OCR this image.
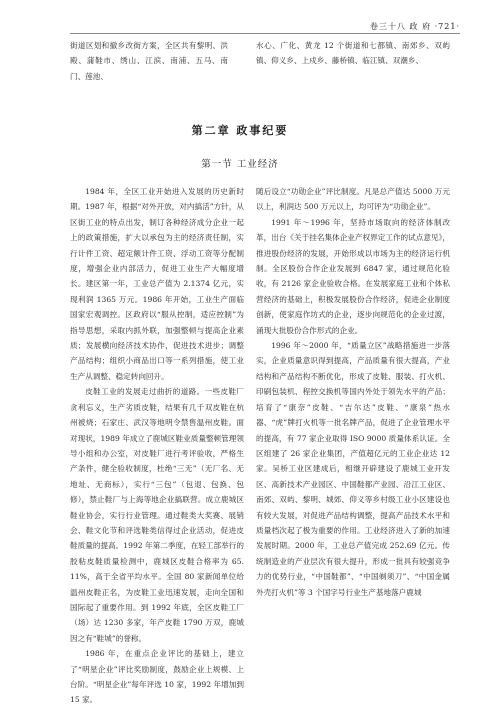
卷三十八 政 府 ·721·

街道区划和撤乡改街方案，全区共有黎明、洪殿、蒲鞋市、绣山、江滨、南浦、五马、南门、莲池、

水心、广化、黄龙 12 个街道和七都镇、南郊乡、双屿镇、仰义乡、上戍乡、藤桥镇、临江镇、双潮乡、

第二章 政事纪要
第一节 工业经济

1984 年，全区工业开始进入发展的历史新时期。1987 年，根据“对外开放，对内搞活”方针，从区街工业的特点出发，制订各种经济成分企业一起上的政策措施，扩大以承包为主的经济责任制，实行计件工资、超定额计件工资、浮动工资等分配制度，增强企业内部活力，促进工业生产大幅度增长。建区第一年，工业总产值为 2.1374 亿元，实现利润 1365 万元。1986 年开始，工业生产面临国家宏观调控。区政府以“服从控制，适应控制”为指导思想，采取内抓外联，加强整顿与提高企业素质；发展横向经济技术协作，促进技术进步；调整产品结构；组织小商品出口等一系列措施，使工业生产从调整、稳定转向回升。

皮鞋工业的发展走过曲折的道路。一些皮鞋厂贪利忘义，生产劣质皮鞋，结果有几千双皮鞋在杭州被烧；石家庄、武汉等地明令禁售温州皮鞋。面对现状，1989 年成立了鹿城区鞋业质量整顿管理领导小组和办公室，对皮鞋厂进行考评验收，严格生产条件，健全验收制度，杜绝“三无”（无厂名、无地址、无商标），实行“三包”（包退、包换、包修），禁止鞋厂与上海等地企业搞联营。成立鹿城区鞋业协会，实行行业管理。通过鞋类大奖赛、展销会、鞋文化节和评选鞋类信得过企业活动，促进皮鞋质量的提高。1992 年第二季度，在轻工部举行的胶粘皮鞋质量检测中，鹿城区皮鞋合格率为 65. 11%，高于全省平均水平。全国 80 家新闻单位给温州皮鞋正名，为皮鞋工业迅速发展，走向全国和国际起了重要作用。到 1992 年底，全区皮鞋工厂（场）达 1230 多家，年产皮鞋 1790 万双，鹿城因之有“鞋城”的誉称。

1986 年，在重点企业评比的基础上，建立了“明星企业”评比奖励制度，鼓励企业上规模、上台阶。“明星企业”每年评选 10 家，1992 年增加到 15 家。

随后设立“功勋企业”评比制度。凡是总产值达 5000 万元以上，利润达 500 万元以上，均可评为“功勋企业”。

1991 年～1996 年，坚持市场取向的经济体制改革，出台《关于挂名集体企业产权界定工作的试点意见》，推进股份经济的发展，开始形成以市场为主的经济运行机制。全区股份合作企业发展到 6847 家，通过规范化验收，有 2126 家企业验收合格。在发展家庭工业和个体私营经济的基础上，积极发展股份合作经济，促进企业制度创新，使家庭作坊式的企业，逐步向规范化的企业过渡，涌现大批股份合作形式的企业。

1996 年～2000 年，“质量立区”战略措施进一步落实，企业质量意识得到提高，产品质量有很大提高，产业结构和产品结构不断优化，形成了皮鞋、服装、打火机、印刷包装机、程控交换机等国内外处于领先水平的产品；培育了“康奈”皮鞋、“吉尔达”皮鞋、“康泉”热水器、“虎”牌打火机等一批名牌产品，促进了企业管理水平的提高，有 77 家企业取得 ISO 9000 质量体系认证。全区组建了 26 家企业集团，产值超亿元的工业企业达 12 家。吴桥工业区建成后，相继开辟建设了鹿城工业开发区、高新技术产业园区、中国鞋都产业园、沿江工业区、南郊、双屿、黎明、城郊、仰义等乡村级工业小区建设也有较大发展，对促进产品结构调整，提高产品技术水平和质量档次起了极为重要的作用。工业经济进入了新的加速发展时期。2000 年，工业总产值完成 252.69 亿元。传统制造业的产业层次有很大提升，形成一批具有较强竞争力的优势行业，“中国鞋都”、“中国剃须刀”、“中国金属外壳打火机”等 3 个国字号行业生产基地落户鹿城
